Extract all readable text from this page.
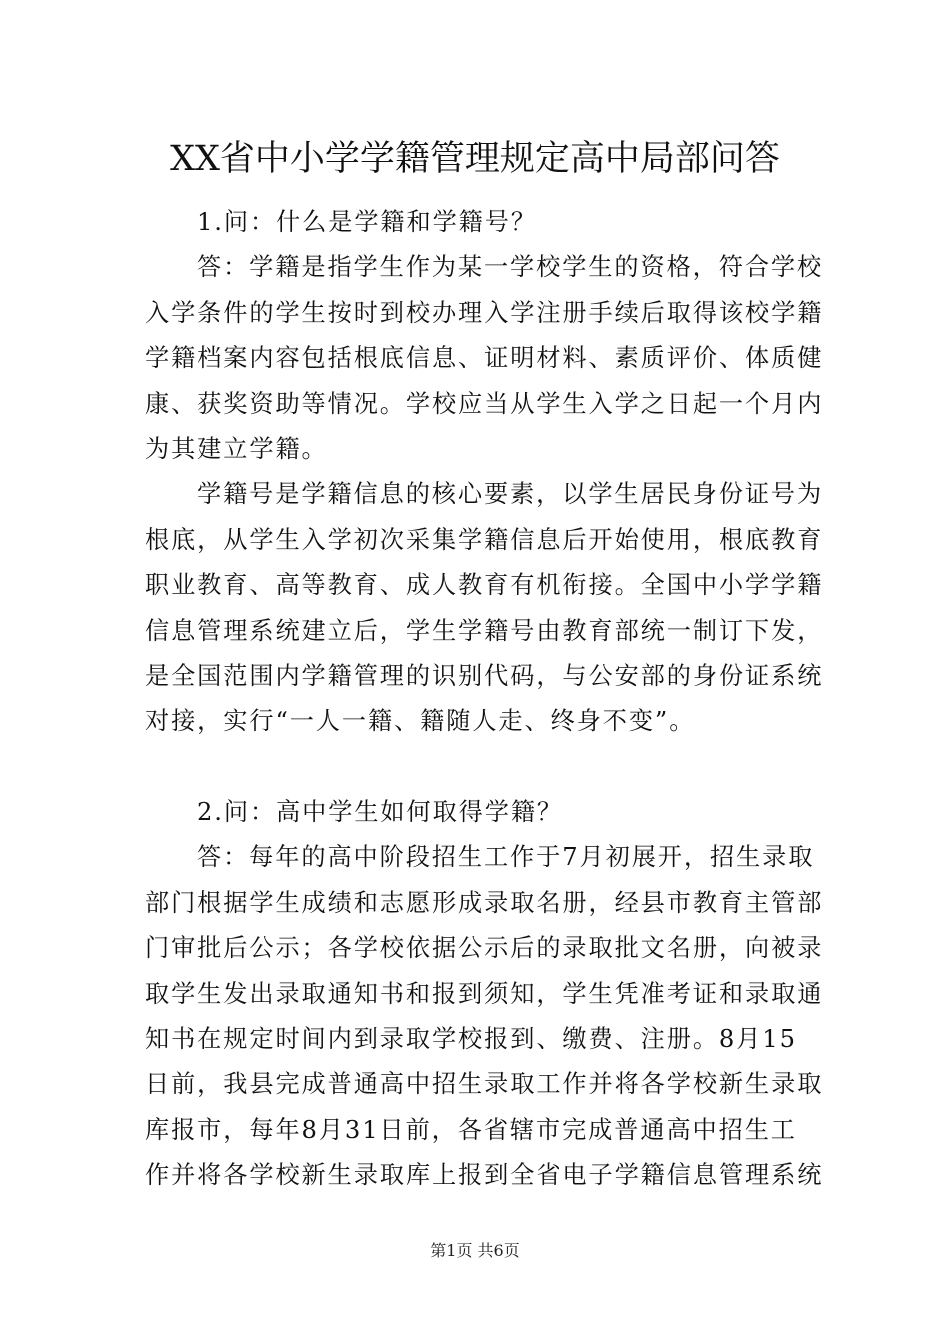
XX省中小学学籍管理规定高中局部问答
1.问：什么是学籍和学籍号？
答：学籍是指学生作为某一学校学生的资格，符合学校
入学条件的学生按时到校办理入学注册手续后取得该校学籍
学籍档案内容包括根底信息、证明材料、素质评价、体质健
康、获奖资助等情况。学校应当从学生入学之日起一个月内
为其建立学籍。
学籍号是学籍信息的核心要素，以学生居民身份证号为
根底，从学生入学初次采集学籍信息后开始使用，根底教育
职业教育、高等教育、成人教育有机衔接。全国中小学学籍
信息管理系统建立后，学生学籍号由教育部统一制订下发，
是全国范围内学籍管理的识别代码，与公安部的身份证系统
对接，实行“一人一籍、籍随人走、终身不变”。
2.问：高中学生如何取得学籍？
答：每年的高中阶段招生工作于7月初展开，招生录取
部门根据学生成绩和志愿形成录取名册，经县市教育主管部
门审批后公示；各学校依据公示后的录取批文名册，向被录
取学生发出录取通知书和报到须知，学生凭准考证和录取通
知书在规定时间内到录取学校报到、缴费、注册。8月15
日前，我县完成普通高中招生录取工作并将各学校新生录取
库报市，每年8月31日前，各省辖市完成普通高中招生工
作并将各学校新生录取库上报到全省电子学籍信息管理系统
第1页 共6页
